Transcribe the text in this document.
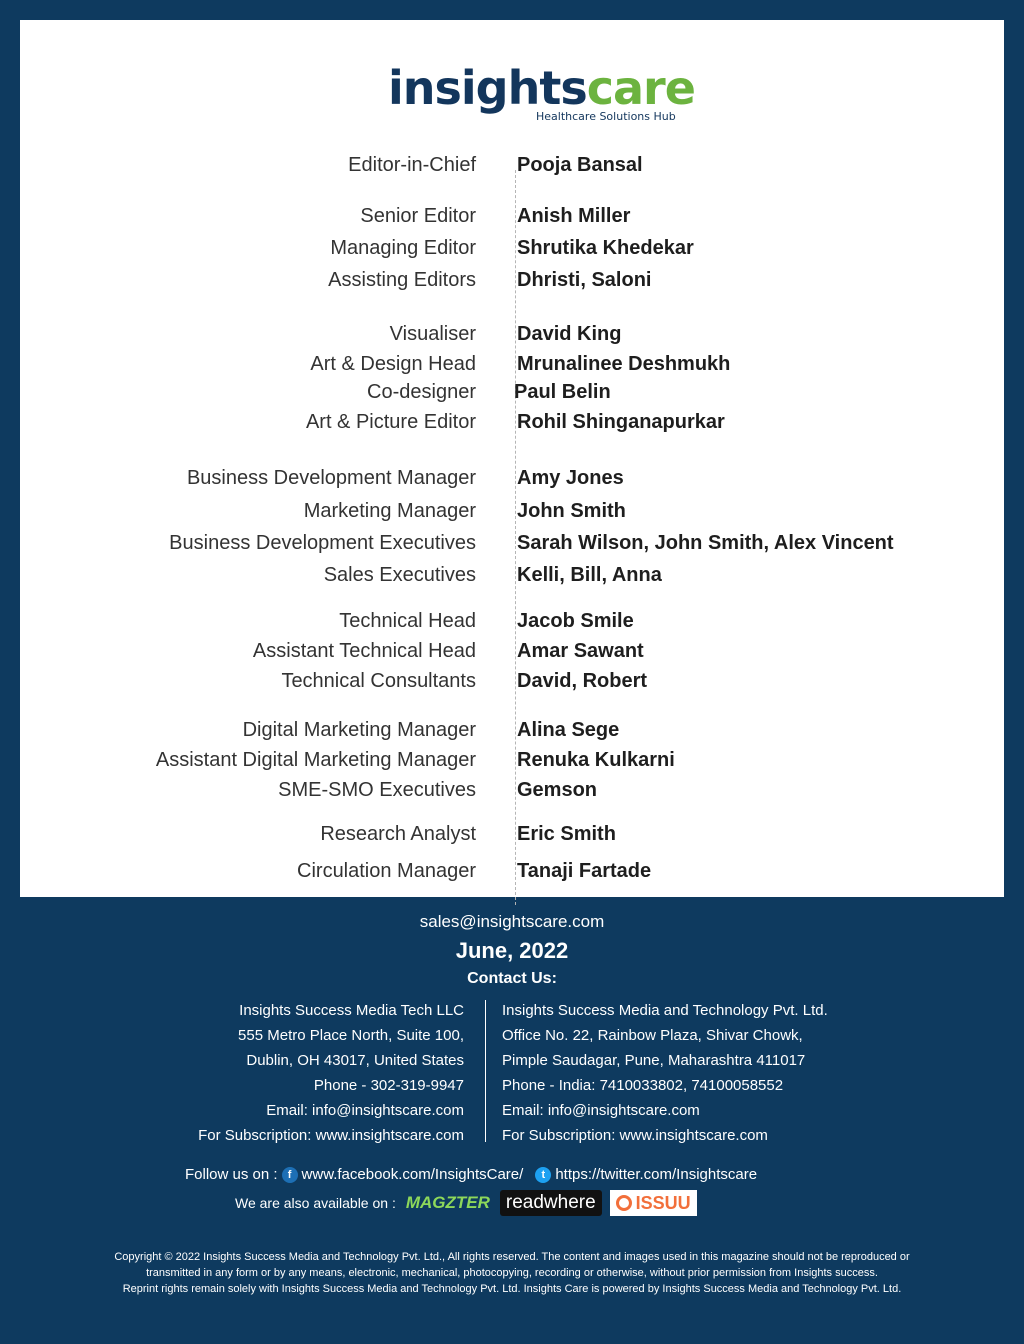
insightscare
Healthcare Solutions Hub
Editor-in-Chief Pooja Bansal
Senior Editor Anish Miller
Managing Editor Shrutika Khedekar
Assisting Editors Dhristi, Saloni
Visualiser David King
Art & Design Head Mrunalinee Deshmukh
Co-designer Paul Belin
Art & Picture Editor Rohil Shinganapurkar
Business Development Manager Amy Jones
Marketing Manager John Smith
Business Development Executives Sarah Wilson, John Smith, Alex Vincent
Sales Executives Kelli, Bill, Anna
Technical Head Jacob Smile
Assistant Technical Head Amar Sawant
Technical Consultants David, Robert
Digital Marketing Manager Alina Sege
Assistant Digital Marketing Manager Renuka Kulkarni
SME-SMO Executives Gemson
Research Analyst Eric Smith
Circulation Manager Tanaji Fartade
sales@insightscare.com
June, 2022
Contact Us:
Insights Success Media Tech LLC
555 Metro Place North, Suite 100,
Dublin, OH 43017, United States
Phone - 302-319-9947
Email: info@insightscare.com
For Subscription: www.insightscare.com
Insights Success Media and Technology Pvt. Ltd.
Office No. 22, Rainbow Plaza, Shivar Chowk,
Pimple Saudagar, Pune, Maharashtra 411017
Phone - India: 7410033802, 74100058552
Email: info@insightscare.com
For Subscription: www.insightscare.com
Follow us on : f www.facebook.com/InsightsCare/	t https://twitter.com/Insightscare
We are also available on : MAGZTER readwhere	ISSUU
Copyright © 2022 Insights Success Media and Technology Pvt. Ltd., All rights reserved. The content and images used in this magazine should not be reproduced or
transmitted in any form or by any means, electronic, mechanical, photocopying, recording or otherwise, without prior permission from Insights success.
Reprint rights remain solely with Insights Success Media and Technology Pvt. Ltd. Insights Care is powered by Insights Success Media and Technology Pvt. Ltd.
